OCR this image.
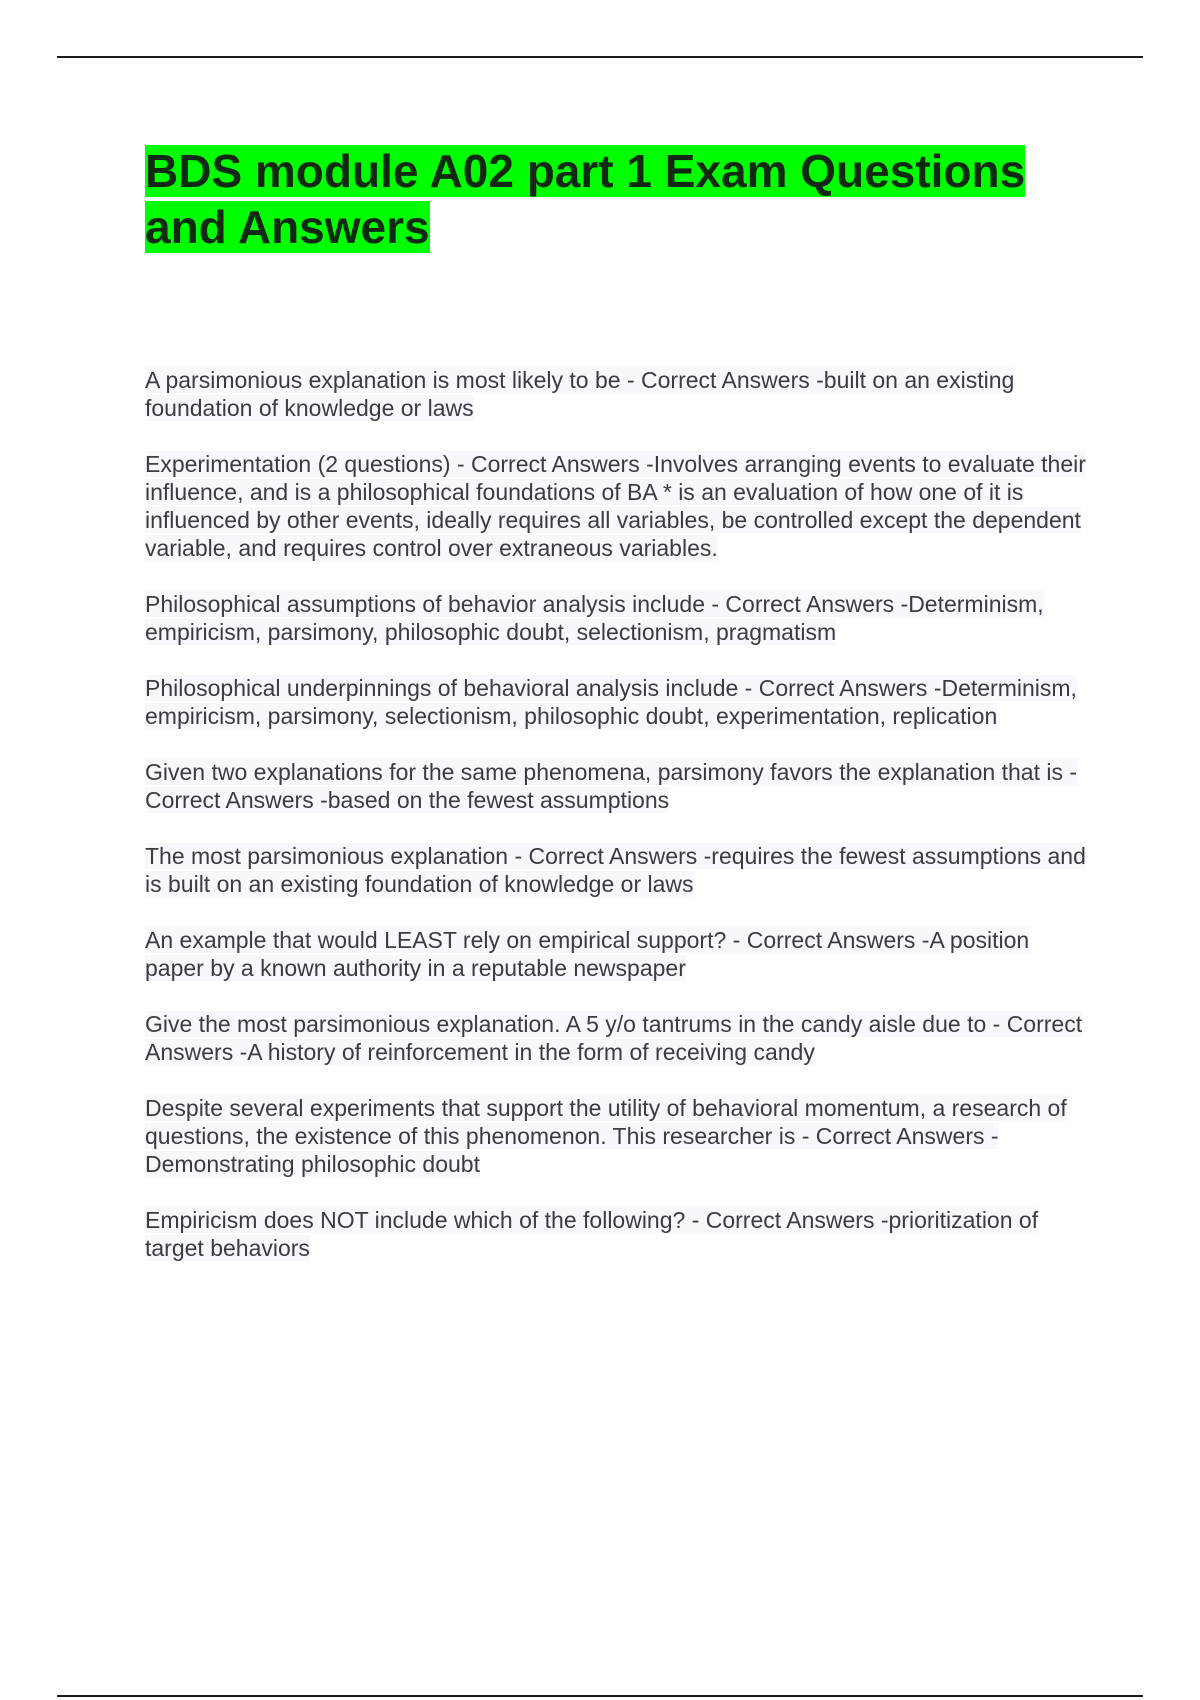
BDS module A02 part 1 Exam Questions and Answers
A parsimonious explanation is most likely to be - Correct Answers -built on an existing foundation of knowledge or laws
Experimentation (2 questions) - Correct Answers -Involves arranging events to evaluate their influence, and is a philosophical foundations of BA * is an evaluation of how one of it is influenced by other events, ideally requires all variables, be controlled except the dependent variable, and requires control over extraneous variables.
Philosophical assumptions of behavior analysis include - Correct Answers -Determinism, empiricism, parsimony, philosophic doubt, selectionism, pragmatism
Philosophical underpinnings of behavioral analysis include - Correct Answers -Determinism, empiricism, parsimony, selectionism, philosophic doubt, experimentation, replication
Given two explanations for the same phenomena, parsimony favors the explanation that is - Correct Answers -based on the fewest assumptions
The most parsimonious explanation - Correct Answers -requires the fewest assumptions and is built on an existing foundation of knowledge or laws
An example that would LEAST rely on empirical support? - Correct Answers -A position paper by a known authority in a reputable newspaper
Give the most parsimonious explanation. A 5 y/o tantrums in the candy aisle due to - Correct Answers -A history of reinforcement in the form of receiving candy
Despite several experiments that support the utility of behavioral momentum, a research of questions, the existence of this phenomenon. This researcher is - Correct Answers -Demonstrating philosophic doubt
Empiricism does NOT include which of the following? - Correct Answers -prioritization of target behaviors
